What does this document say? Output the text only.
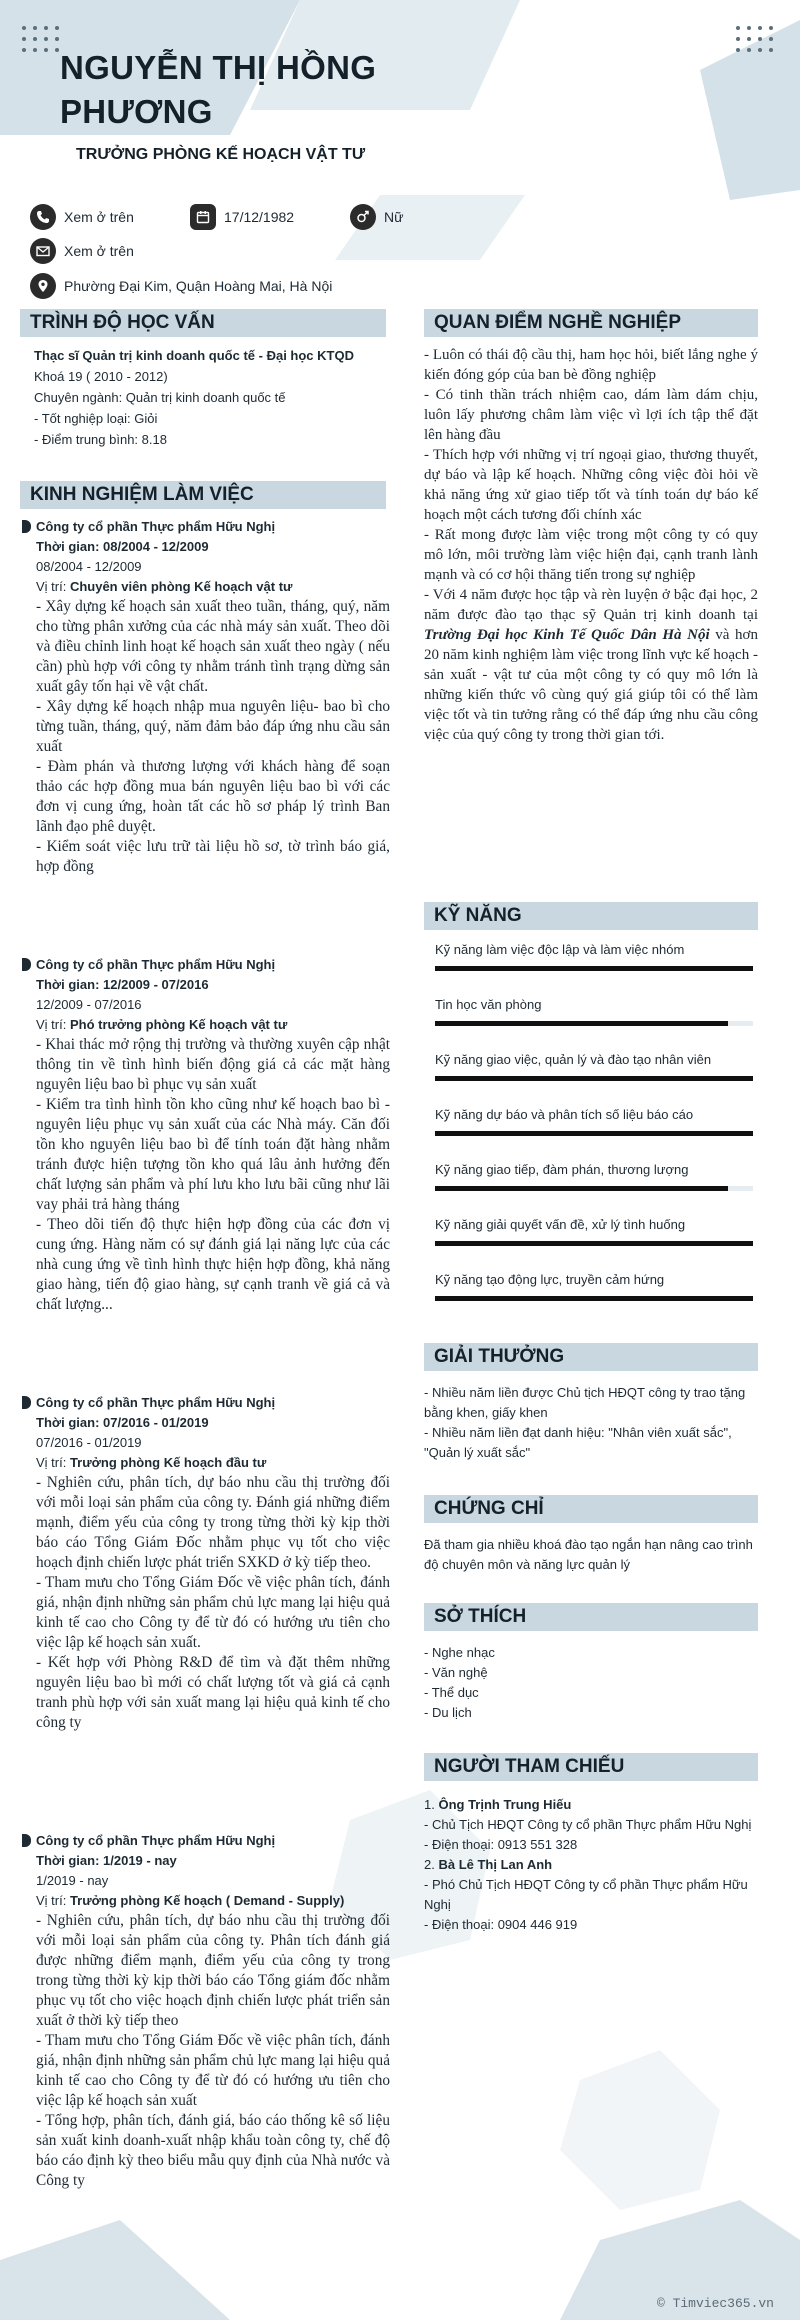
NGUYỄN THỊ HỒNG PHƯƠNG
TRƯỞNG PHÒNG KẾ HOẠCH VẬT TƯ
Xem ở trên	17/12/1982	Nữ
Xem ở trên
Phường Đại Kim, Quận Hoàng Mai, Hà Nội
TRÌNH ĐỘ HỌC VẤN
Thạc sĩ Quản trị kinh doanh quốc tế - Đại học KTQD
Khoá 19 ( 2010 - 2012)
Chuyên ngành: Quản trị kinh doanh quốc tế
- Tốt nghiệp loại: Giỏi
- Điểm trung bình: 8.18
KINH NGHIỆM LÀM VIỆC
Công ty cổ phần Thực phẩm Hữu Nghị
Thời gian: 08/2004 - 12/2009
08/2004 - 12/2009
Vị trí: Chuyên viên phòng Kế hoạch vật tư

- Xây dựng kế hoạch sản xuất theo tuần, tháng, quý, năm cho từng phân xưởng của các nhà máy sản xuất. Theo dõi và điều chỉnh linh hoạt kế hoạch sản xuất theo ngày ( nếu cần) phù hợp với công ty nhằm tránh tình trạng dừng sản xuất gây tốn hại về vật chất.

- Xây dựng kế hoạch nhập mua nguyên liệu- bao bì cho từng tuần, tháng, quý, năm đảm bảo đáp ứng nhu cầu sản xuất

- Đàm phán và thương lượng với khách hàng để soạn thảo các hợp đồng mua bán nguyên liệu bao bì với các đơn vị cung ứng, hoàn tất các hồ sơ pháp lý trình Ban lãnh đạo phê duyệt.

- Kiểm soát việc lưu trữ tài liệu hồ sơ, tờ trình báo giá, hợp đồng

Công ty cổ phần Thực phẩm Hữu Nghị
Thời gian: 12/2009 - 07/2016
12/2009 - 07/2016
Vị trí: Phó trưởng phòng Kế hoạch vật tư

- Khai thác mở rộng thị trường và thường xuyên cập nhật thông tin về tình hình biến động giá cả các mặt hàng nguyên liệu bao bì phục vụ sản xuất

- Kiểm tra tình hình tồn kho cũng như kế hoạch bao bì - nguyên liệu phục vụ sản xuất của các Nhà máy. Căn đối tồn kho nguyên liệu bao bì để tính toán đặt hàng nhằm tránh được hiện tượng tồn kho quá lâu ảnh hưởng đến chất lượng sản phẩm và phí lưu kho lưu bãi cũng như lãi vay phải trả hàng tháng

- Theo dõi tiến độ thực hiện hợp đồng của các đơn vị cung ứng. Hàng năm có sự đánh giá lại năng lực của các nhà cung ứng về tình hình thực hiện hợp đồng, khả năng giao hàng, tiến độ giao hàng, sự cạnh tranh về giá cả và chất lượng...

Công ty cổ phần Thực phẩm Hữu Nghị
Thời gian: 07/2016 - 01/2019
07/2016 - 01/2019
Vị trí: Trưởng phòng Kế hoạch đầu tư

- Nghiên cứu, phân tích, dự báo nhu cầu thị trường đối với mỗi loại sản phẩm của công ty. Đánh giá những điểm mạnh, điểm yếu của công ty trong từng thời kỳ kịp thời báo cáo Tổng Giám Đốc nhằm phục vụ tốt cho việc hoạch định chiến lược phát triển SXKD ở kỳ tiếp theo.

- Tham mưu cho Tổng Giám Đốc về việc phân tích, đánh giá, nhận định những sản phẩm chủ lực mang lại hiệu quả kinh tế cao cho Công ty để từ đó có hướng ưu tiên cho việc lập kế hoạch sản xuất.

- Kết hợp với Phòng R&D để tìm và đặt thêm những nguyên liệu bao bì mới có chất lượng tốt và giá cả cạnh tranh phù hợp với sản xuất mang lại hiệu quả kinh tế cho công ty

Công ty cổ phần Thực phẩm Hữu Nghị
Thời gian: 1/2019 - nay
1/2019 - nay
Vị trí: Trưởng phòng Kế hoạch ( Demand - Supply)

- Nghiên cứu, phân tích, dự báo nhu cầu thị trường đối với mỗi loại sản phẩm của công ty. Phân tích đánh giá được những điểm mạnh, điểm yếu của công ty trong trong từng thời kỳ kịp thời báo cáo Tổng giám đốc nhằm phục vụ tốt cho việc hoạch định chiến lược phát triển sản xuất ở thời kỳ tiếp theo

- Tham mưu cho Tổng Giám Đốc về việc phân tích, đánh giá, nhận định những sản phẩm chủ lực mang lại hiệu quả kinh tế cao cho Công ty để từ đó có hướng ưu tiên cho việc lập kế hoạch sản xuất

- Tổng hợp, phân tích, đánh giá, báo cáo thống kê số liệu sản xuất kinh doanh-xuất nhập khẩu toàn công ty, chế độ báo cáo định kỳ theo biểu mẫu quy định của Nhà nước và Công ty

QUAN ĐIỂM NGHỀ NGHIỆP

- Luôn có thái độ cầu thị, ham học hỏi, biết lắng nghe ý kiến đóng góp của ban bè đồng nghiệp

- Có tinh thần trách nhiệm cao, dám làm dám chịu, luôn lấy phương châm làm việc vì lợi ích tập thể đặt lên hàng đầu

- Thích hợp với những vị trí ngoại giao, thương thuyết, dự báo và lập kế hoạch. Những công việc đòi hỏi về khả năng ứng xử giao tiếp tốt và tính toán dự báo kế hoạch một cách tương đối chính xác

- Rất mong được làm việc trong một công ty có quy mô lớn, môi trường làm việc hiện đại, cạnh tranh lành mạnh và có cơ hội thăng tiến trong sự nghiệp

- Với 4 năm được học tập và rèn luyện ở bậc đại học, 2 năm được đào tạo thạc sỹ Quản trị kinh doanh tại Trường Đại học Kinh Tế Quốc Dân Hà Nội và hơn 20 năm kinh nghiệm làm việc trong lĩnh vực kế hoạch - sản xuất - vật tư của một công ty có quy mô lớn là những kiến thức vô cùng quý giá giúp tôi có thể làm việc tốt và tin tưởng rằng có thể đáp ứng nhu cầu công việc của quý công ty trong thời gian tới.

KỸ NĂNG
Kỹ năng làm việc độc lập và làm việc nhóm
Tin học văn phòng
Kỹ năng giao việc, quản lý và đào tạo nhân viên
Kỹ năng dự báo và phân tích số liệu báo cáo
Kỹ năng giao tiếp, đàm phán, thương lượng
Kỹ năng giải quyết vấn đề, xử lý tình huống
Kỹ năng tạo động lực, truyền cảm hứng
GIẢI THƯỞNG

- Nhiều năm liền được Chủ tịch HĐQT công ty trao tặng bằng khen, giấy khen

- Nhiều năm liền đạt danh hiệu: "Nhân viên xuất sắc", "Quản lý xuất sắc"

CHỨNG CHỈ

Đã tham gia nhiều khoá đào tạo ngắn hạn nâng cao trình độ chuyên môn và năng lực quản lý

SỞ THÍCH

- Nghe nhạc

- Văn nghệ

- Thể dục

- Du lịch

NGƯỜI THAM CHIẾU

1. Ông Trịnh Trung Hiếu

- Chủ Tịch HĐQT Công ty cổ phần Thực phẩm Hữu Nghị

- Điện thoại: 0913 551 328

2. Bà Lê Thị Lan Anh

- Phó Chủ Tịch HĐQT Công ty cổ phần Thực phẩm Hữu Nghị

- Điện thoại: 0904 446 919

© Timviec365.vn
